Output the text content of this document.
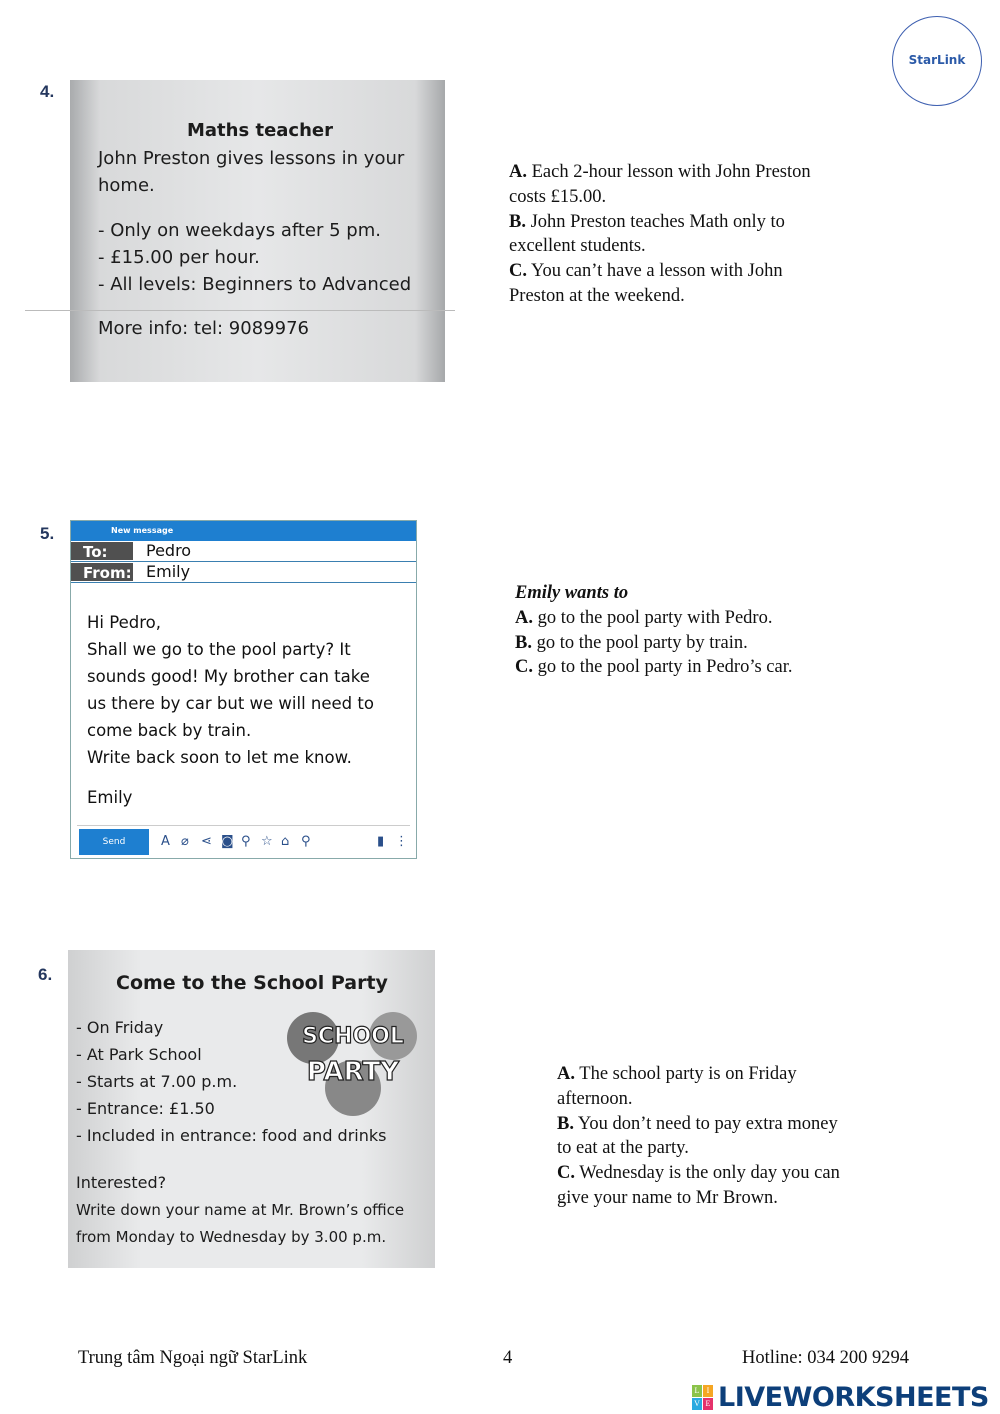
StarLink
4.
Maths teacher
John Preston gives lessons in your
home.
- Only on weekdays after 5 pm.
- £15.00 per hour.
- All levels: Beginners to Advanced
More info: tel: 9089976
A. Each 2-hour lesson with John Preston
costs £15.00.
B. John Preston teaches Math only to
excellent students.
C. You can’t have a lesson with John
Preston at the weekend.
5.	New message
To:	Pedro
From: Emily
Hi Pedro,
Shall we go to the pool party? It
sounds good! My brother can take
us there by car but we will need to
come back by train.
Write back soon to let me know.
Emily
Send	A ⌀ ⋖ ◙ ⚲ ☆ ⌂ ⚲	▮ ⋮
Emily wants to
A. go to the pool party with Pedro.
B. go to the pool party by train.
C. go to the pool party in Pedro’s car.
6.	Come to the School Party
SCHOOL
PARTY
- On Friday
- At Park School
- Starts at 7.00 p.m.
- Entrance: £1.50
- Included in entrance: food and drinks
Interested?
Write down your name at Mr. Brown’s office
from Monday to Wednesday by 3.00 p.m.
A. The school party is on Friday
afternoon.
B. You don’t need to pay extra money
to eat at the party.
C. Wednesday is the only day you can
give your name to Mr Brown.
Trung tâm Ngoại ngữ StarLink	4	Hotline: 034 200 9294
L I
V E LIVEWORKSHEETS
